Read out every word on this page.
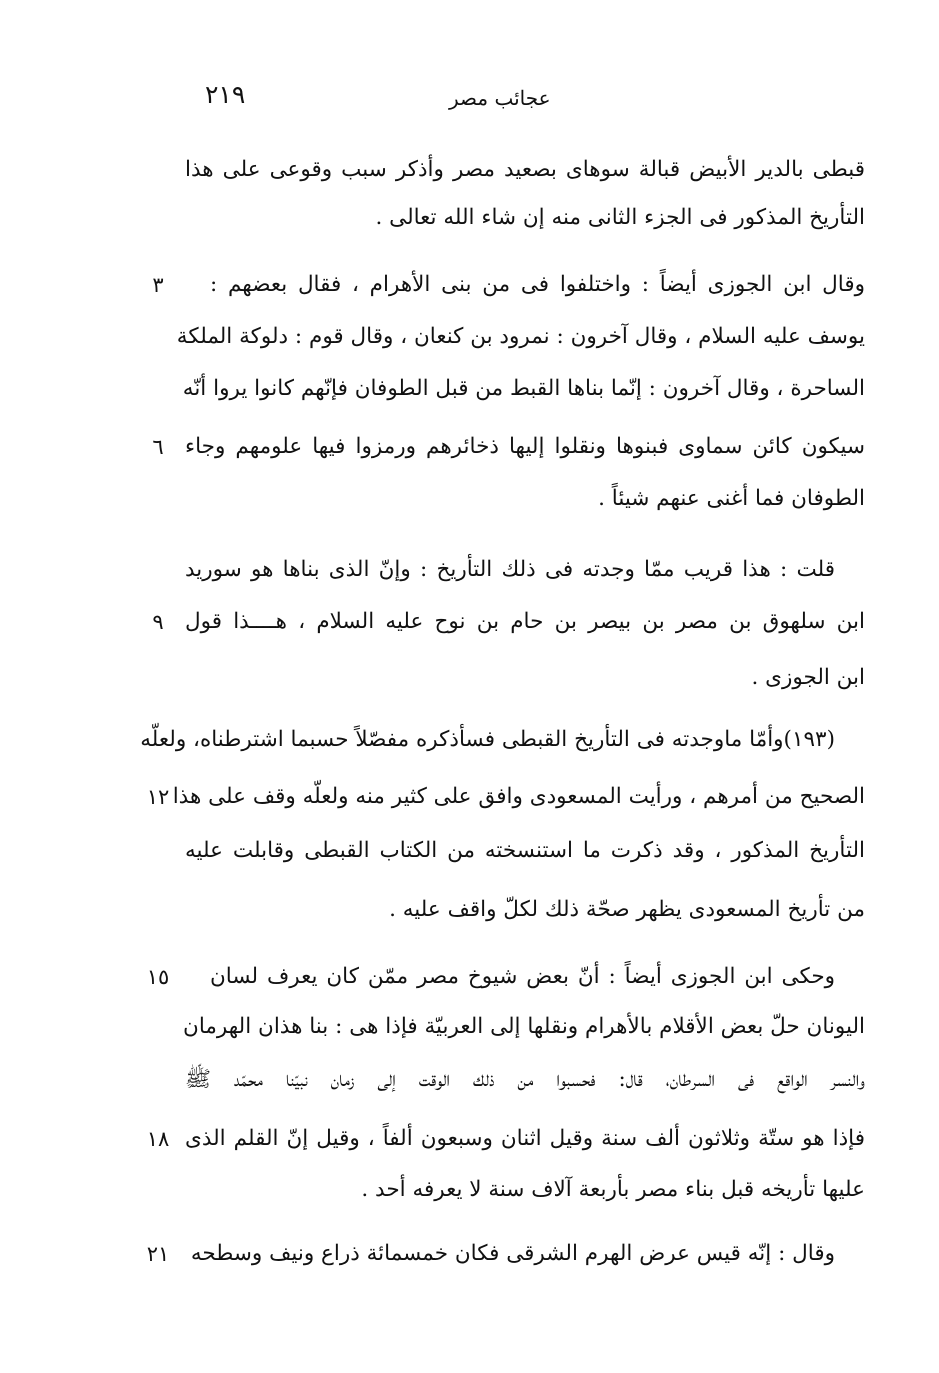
٢١٩	عجائب مصر
قبطى بالدير الأبيض قبالة سوهاى بصعيد مصر وأذكر سبب وقوعى على هذا
التأريخ المذكور فى الجزء الثانى منه إن شاء الله تعالى .
وقال ابن الجوزى أيضاً : واختلفوا فى من بنى الأهرام ، فقال بعضهم :
٣
يوسف عليه السلام ، وقال آخرون : نمرود بن كنعان ، وقال قوم : دلوكة الملكة
الساحرة ، وقال آخرون : إنّما بناها القبط من قبل الطوفان فإنّهم كانوا يروا أنّه
سيكون كائن سماوى فبنوها ونقلوا إليها ذخائرهم ورمزوا فيها علومهم وجاء
٦
الطوفان فما أغنى عنهم شيئاً .
قلت : هذا قريب ممّا وجدته فى ذلك التأريخ : وإنّ الذى بناها هو سوريد
ابن سلهوق بن مصر بن بيصر بن حام بن نوح عليه السلام ، هــــذا قول
٩
ابن الجوزى .
(١٩٣)وأمّا ماوجدته فى التأريخ القبطى فسأذكره مفصّلاً حسبما اشترطناه، ولعلّه
الصحيح من أمرهم ، ورأيت المسعودى وافق على كثير منه ولعلّه وقف على هذا
١٢
التأريخ المذكور ، وقد ذكرت ما استنسخته من الكتاب القبطى وقابلت عليه
من تأريخ المسعودى يظهر صحّة ذلك لكلّ واقف عليه .
وحكى ابن الجوزى أيضاً : أنّ بعض شيوخ مصر ممّن كان يعرف لسان
١٥
اليونان حلّ بعض الأقلام بالأهرام ونقلها إلى العربيّة فإذا هى : بنا هذان الهرمان
والنسر الواقع فى السرطان، قال: فحسبوا من ذلك الوقت إلى زمان نبيّنا محمّد ﷺ
فإذا هو ستّة وثلاثون ألف سنة وقيل اثنان وسبعون ألفاً ، وقيل إنّ القلم الذى
١٨
عليها تأريخه قبل بناء مصر بأربعة آلاف سنة لا يعرفه أحد .
وقال : إنّه قيس عرض الهرم الشرقى فكان خمسمائة ذراع ونيف وسطحه
٢١
